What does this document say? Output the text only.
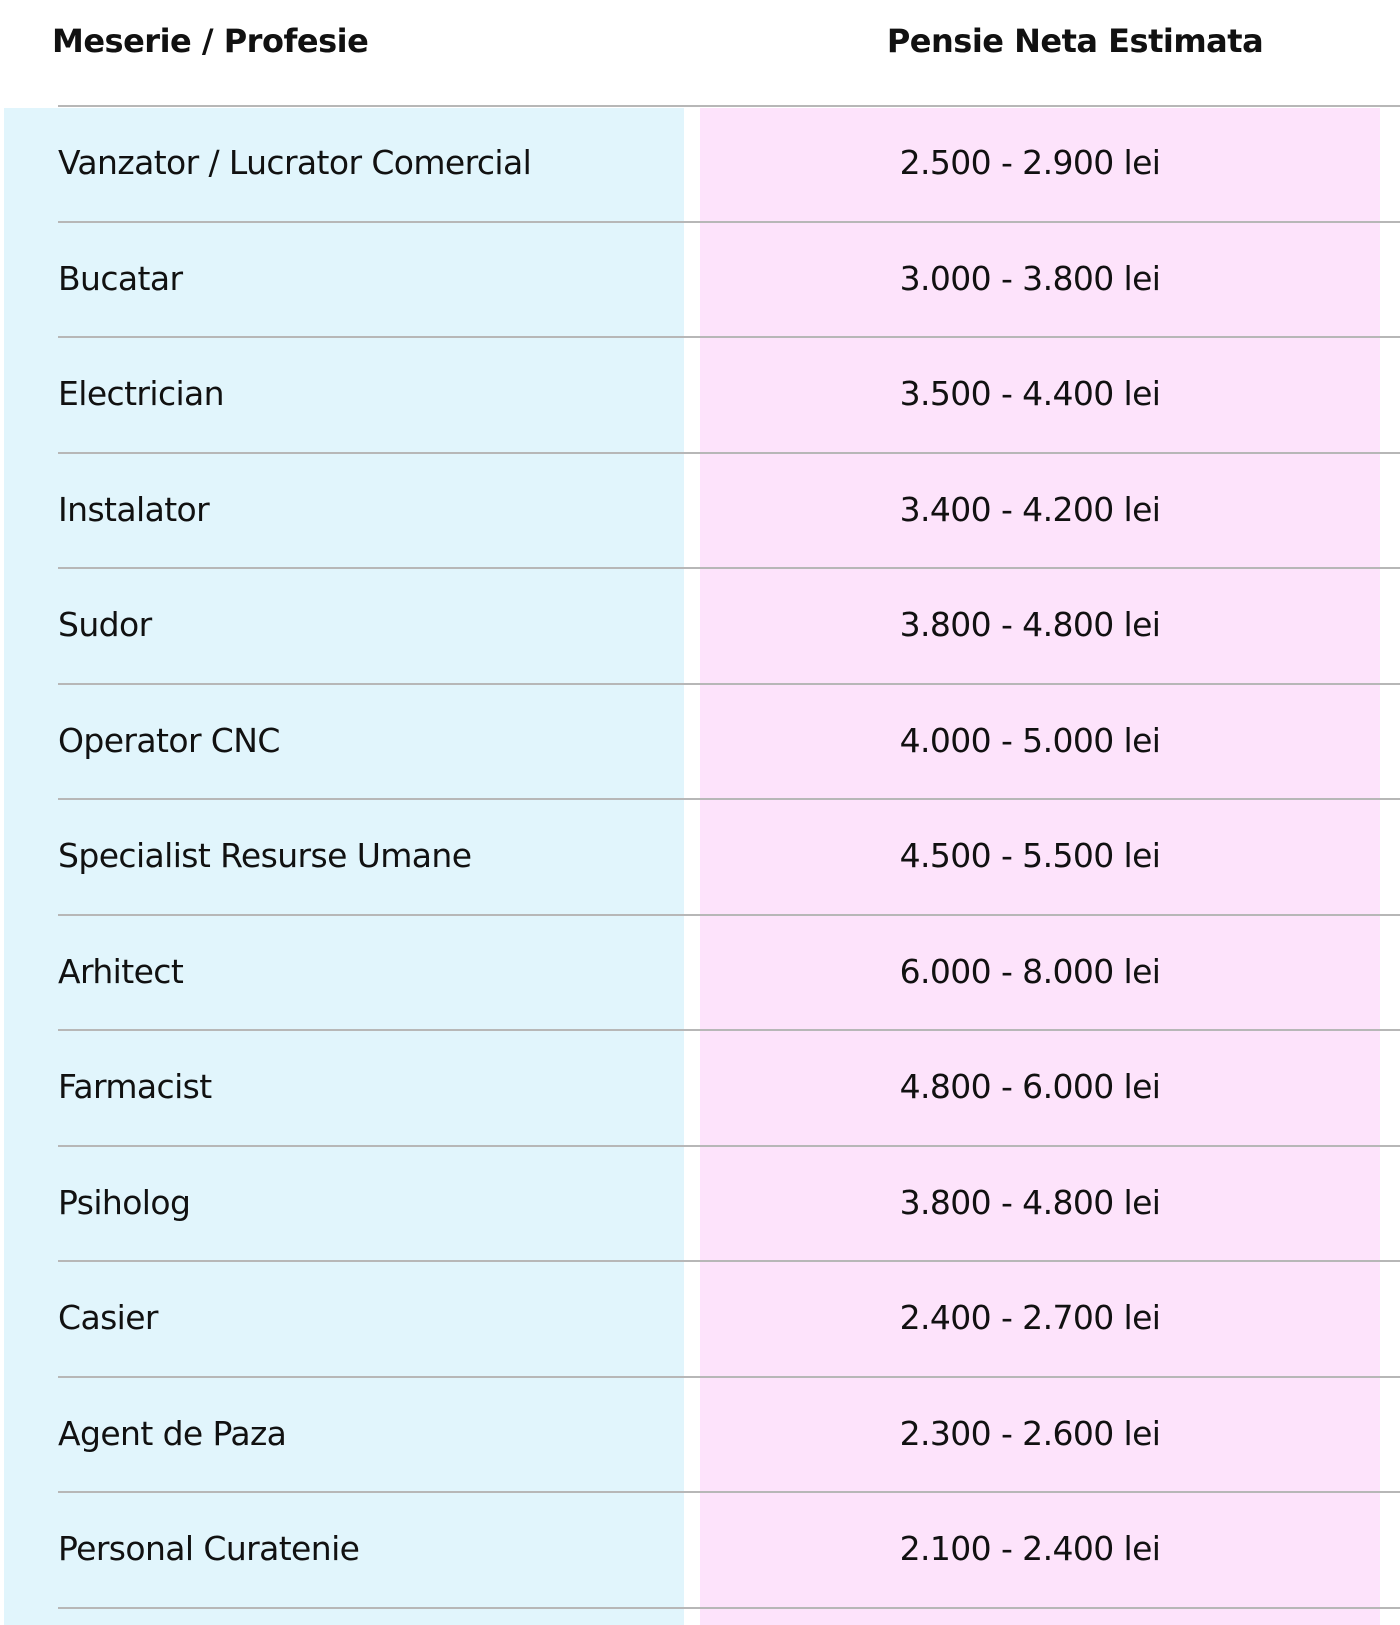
Meserie / Profesie	Pensie Neta Estimata
Vanzator / Lucrator Comercial	2.500 - 2.900 lei
Bucatar	3.000 - 3.800 lei
Electrician	3.500 - 4.400 lei
Instalator	3.400 - 4.200 lei
Sudor	3.800 - 4.800 lei
Operator CNC	4.000 - 5.000 lei
Specialist Resurse Umane	4.500 - 5.500 lei
Arhitect	6.000 - 8.000 lei
Farmacist	4.800 - 6.000 lei
Psiholog	3.800 - 4.800 lei
Casier	2.400 - 2.700 lei
Agent de Paza	2.300 - 2.600 lei
Personal Curatenie	2.100 - 2.400 lei
